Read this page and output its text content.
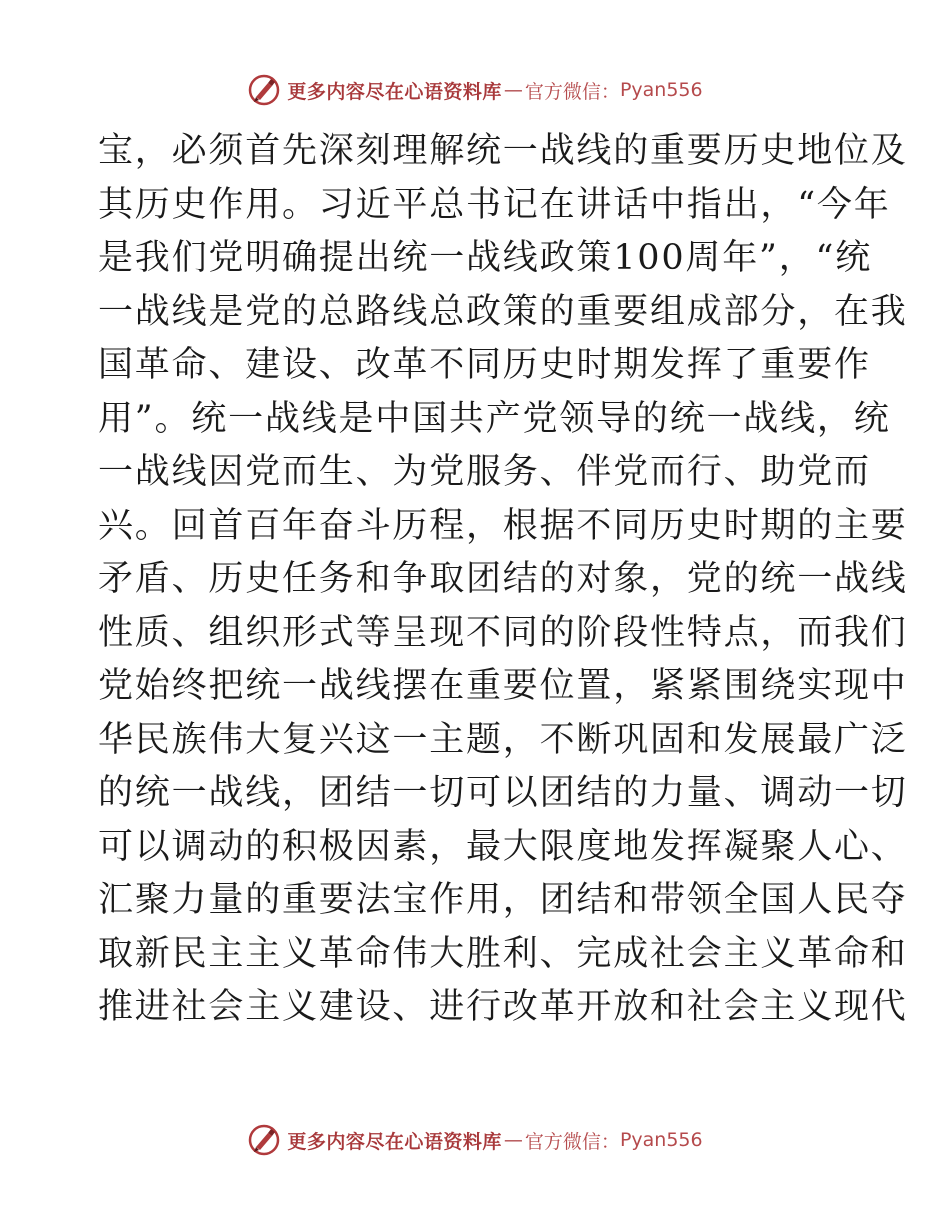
更多内容尽在心语资料库 — 官方微信： Pyan556
宝，必须首先深刻理解统一战线的重要历史地位及
其历史作用。习近平总书记在讲话中指出，“今年
是我们党明确提出统一战线政策100周年”，“统
一战线是党的总路线总政策的重要组成部分，在我
国革命、建设、改革不同历史时期发挥了重要作
用”。统一战线是中国共产党领导的统一战线，统
一战线因党而生、为党服务、伴党而行、助党而
兴。回首百年奋斗历程，根据不同历史时期的主要
矛盾、历史任务和争取团结的对象，党的统一战线
性质、组织形式等呈现不同的阶段性特点，而我们
党始终把统一战线摆在重要位置，紧紧围绕实现中
华民族伟大复兴这一主题，不断巩固和发展最广泛
的统一战线，团结一切可以团结的力量、调动一切
可以调动的积极因素，最大限度地发挥凝聚人心、
汇聚力量的重要法宝作用，团结和带领全国人民夺
取新民主主义革命伟大胜利、完成社会主义革命和
推进社会主义建设、进行改革开放和社会主义现代
更多内容尽在心语资料库 — 官方微信： Pyan556
